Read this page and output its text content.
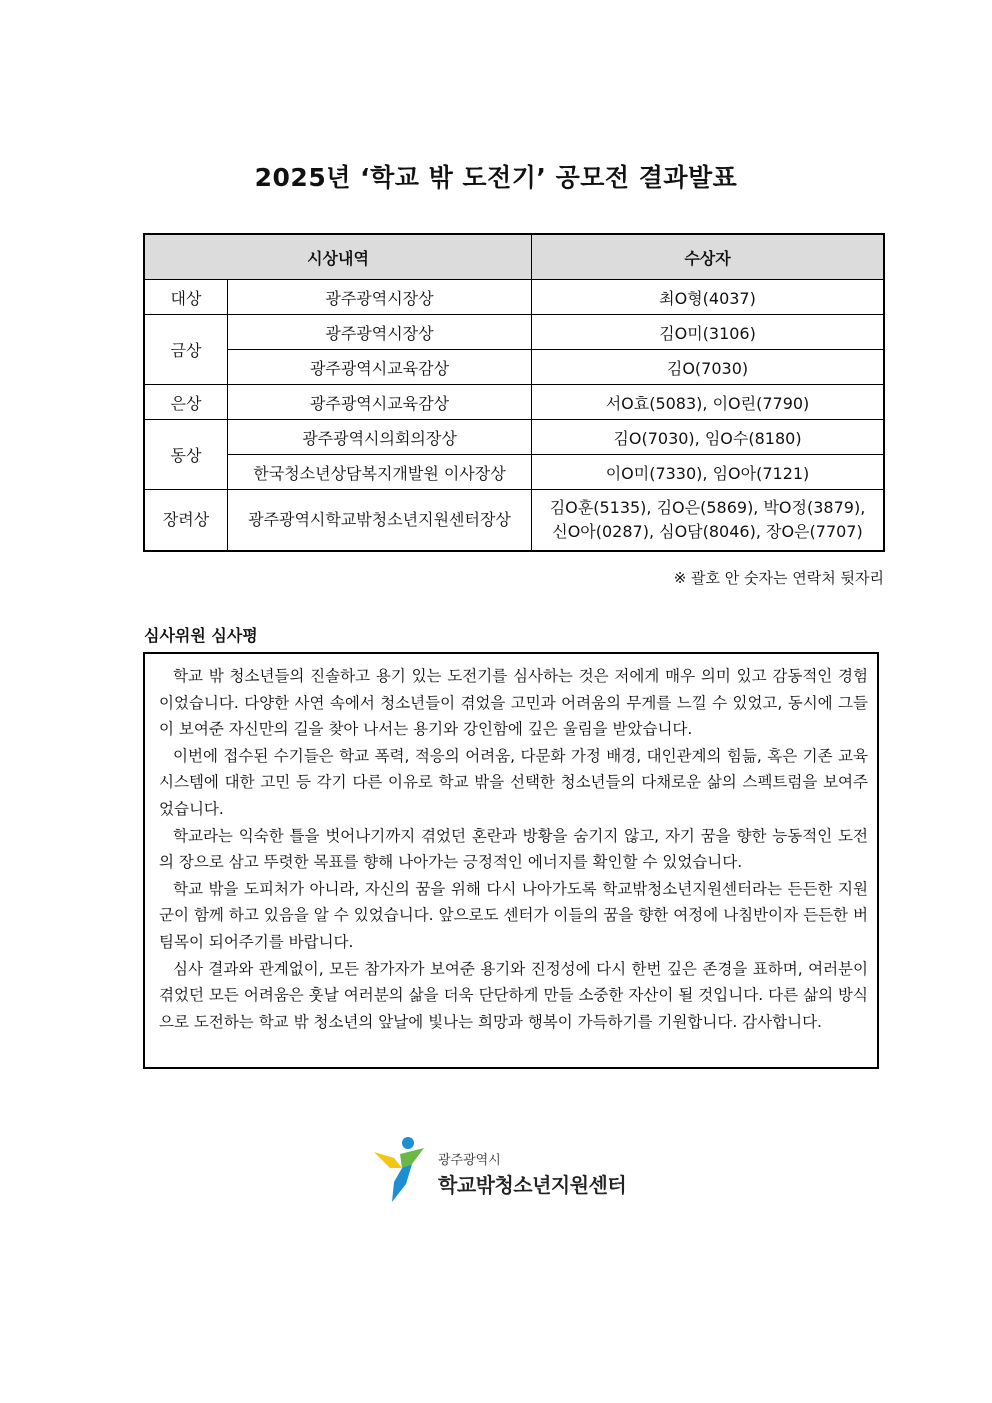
2025년 ‘학교 밖 도전기’ 공모전 결과발표
시상내역		수상자
대상	광주광역시장상	최O형(4037)
금상	광주광역시장상	김O미(3106)
	광주광역시교육감상	김O(7030)
은상	광주광역시교육감상	서O효(5083), 이O린(7790)
동상	광주광역시의회의장상	김O(7030), 임O수(8180)
	한국청소년상담복지개발원 이사장상	이O미(7330), 임O아(7121)
장려상	광주광역시학교밖청소년지원센터장상	김O훈(5135), 김O은(5869), 박O정(3879),
신O아(0287), 심O담(8046), 장O은(7707)
※ 괄호 안 숫자는 연락처 뒷자리
심사위원 심사평

학교 밖 청소년들의 진솔하고 용기 있는 도전기를 심사하는 것은 저에게 매우 의미 있고 감동적인 경험이었습니다. 다양한 사연 속에서 청소년들이 겪었을 고민과 어려움의 무게를 느낄 수 있었고, 동시에 그들이 보여준 자신만의 길을 찾아 나서는 용기와 강인함에 깊은 울림을 받았습니다.

이번에 접수된 수기들은 학교 폭력, 적응의 어려움, 다문화 가정 배경, 대인관계의 힘듦, 혹은 기존 교육 시스템에 대한 고민 등 각기 다른 이유로 학교 밖을 선택한 청소년들의 다채로운 삶의 스펙트럼을 보여주었습니다.

학교라는 익숙한 틀을 벗어나기까지 겪었던 혼란과 방황을 숨기지 않고, 자기 꿈을 향한 능동적인 도전의 장으로 삼고 뚜렷한 목표를 향해 나아가는 긍정적인 에너지를 확인할 수 있었습니다.

학교 밖을 도피처가 아니라, 자신의 꿈을 위해 다시 나아가도록 학교밖청소년지원센터라는 든든한 지원군이 함께 하고 있음을 알 수 있었습니다. 앞으로도 센터가 이들의 꿈을 향한 여정에 나침반이자 든든한 버팀목이 되어주기를 바랍니다.

심사 결과와 관계없이, 모든 참가자가 보여준 용기와 진정성에 다시 한번 깊은 존경을 표하며, 여러분이 겪었던 모든 어려움은 훗날 여러분의 삶을 더욱 단단하게 만들 소중한 자산이 될 것입니다. 다른 삶의 방식으로 도전하는 학교 밖 청소년의 앞날에 빛나는 희망과 행복이 가득하기를 기원합니다. 감사합니다.

광주광역시
학교밖청소년지원센터
